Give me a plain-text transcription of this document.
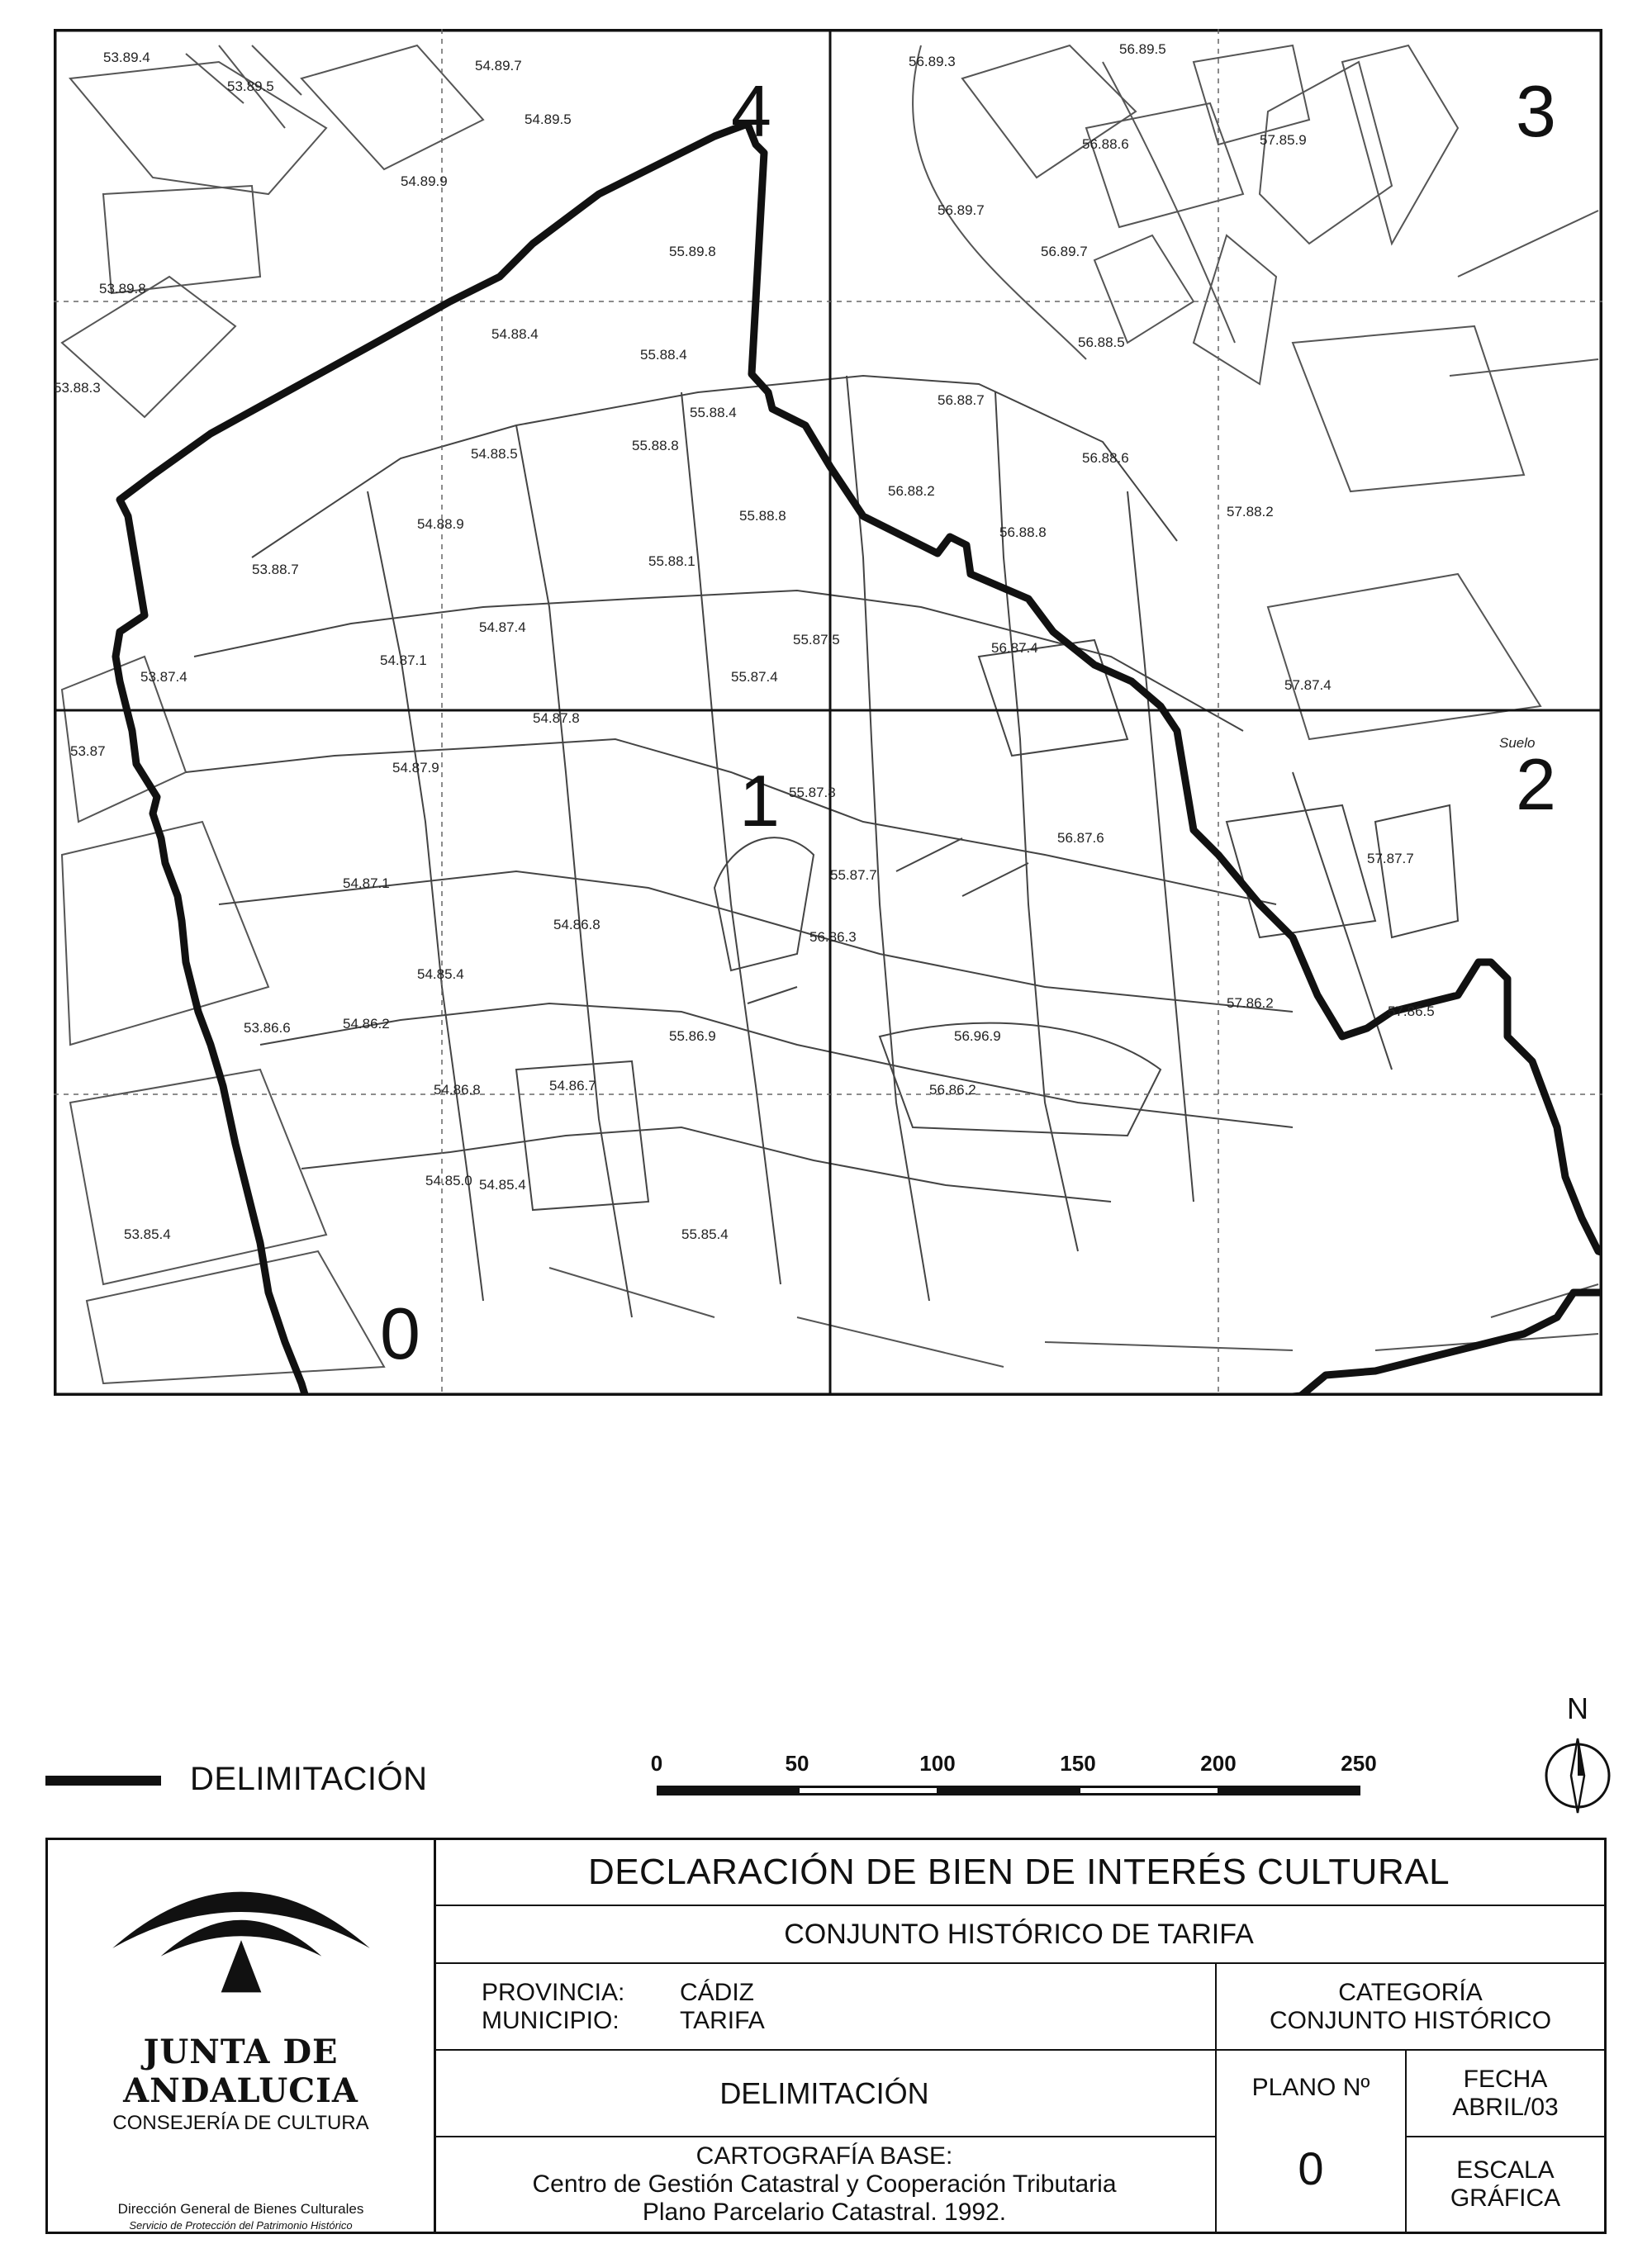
53.89.4
53.89.5
54.89.7
54.89.5
54.89.9
53.89.8
55.89.8
54.88.4
55.88.4
53.88.3
55.88.4
54.88.5
55.88.8
54.88.9
53.88.7
55.88.1
54.87.4
53.87.4
54.87.1
55.87.5
55.87.4
54.87.8
53.87
54.87.9
55.87.8
55.87.7
54.87.1
54.86.8
54.85.4
53.86.6	54.86.2
55.86.9
54.86.7
54.86.8
54.85.0 54.85.4
53.85.4	55.85.4
56.86.3
56.96.9
56.86.2
56.89.3
56.89.5
56.88.6	57.85.9
56.89.7
56.89.7
56.88.5
56.88.7
56.88.2
56.88.8
56.88.6
57.88.2
56.87.4
57.87.4
56.87.6
57.87.7
57.86.2
57.86.5
55.88.8
Suelo
4	3
2
1
0
DELIMITACIÓN	0	50	100	150	200	250
N
JUNTA DE ANDALUCIA
CONSEJERÍA DE CULTURA
Dirección General de Bienes Culturales
Servicio de Protección del Patrimonio Histórico
DECLARACIÓN DE BIEN DE INTERÉS CULTURAL
CONJUNTO HISTÓRICO DE TARIFA
PROVINCIA:	CÁDIZ
MUNICIPIO:	TARIFA
CATEGORÍA
CONJUNTO HISTÓRICO
DELIMITACIÓN	PLANO Nº
0
FECHA
ABRIL/03
CARTOGRAFÍA BASE:
Centro de Gestión Catastral y Cooperación Tributaria
Plano Parcelario Catastral. 1992.
ESCALA
GRÁFICA
